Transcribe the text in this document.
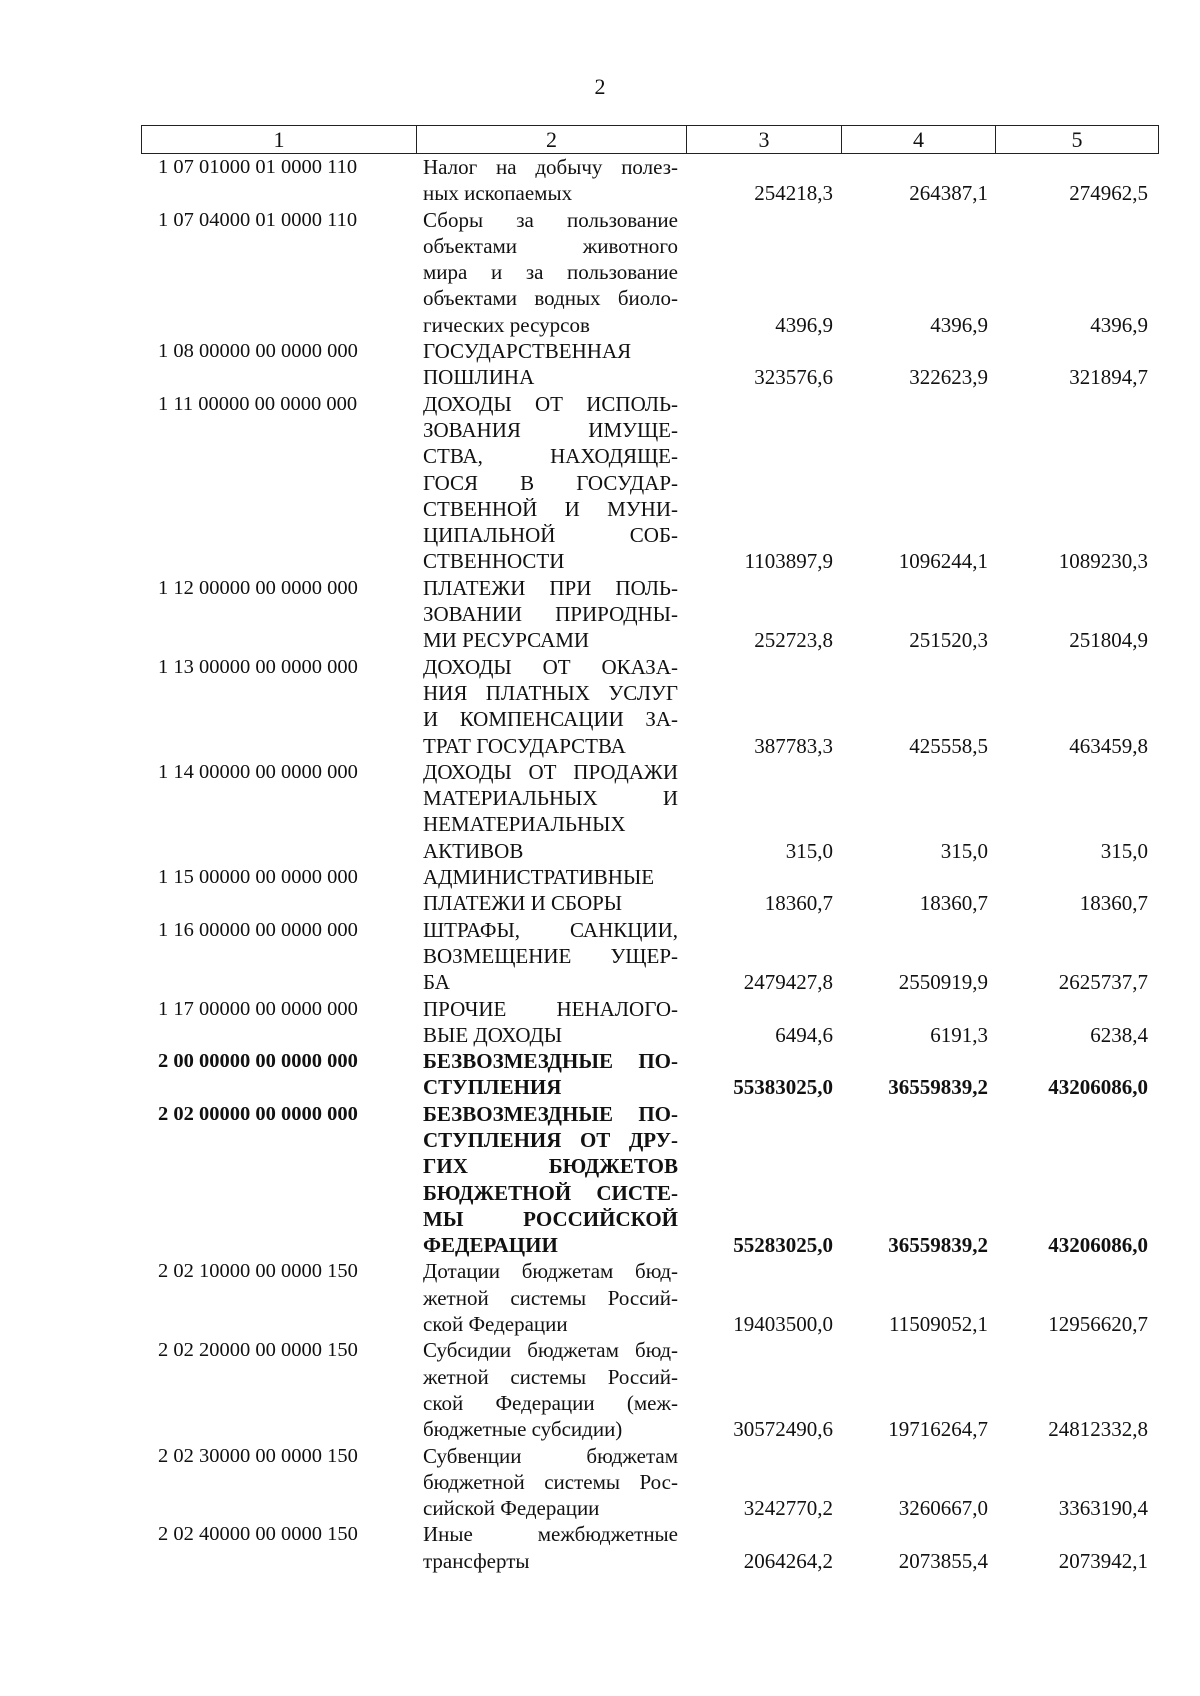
2
1	2	3	4	5
1 07 01000 01 0000 110	Налог на добычу полез-
ных ископаемых	254218,3	264387,1	274962,5
1 07 04000 01 0000 110	Сборы за пользование
объектами животного
мира и за пользование
объектами водных биоло-
гических ресурсов	4396,9	4396,9	4396,9
1 08 00000 00 0000 000	ГОСУДАРСТВЕННАЯ
ПОШЛИНА	323576,6	322623,9	321894,7
1 11 00000 00 0000 000	ДОХОДЫ ОТ ИСПОЛЬ-
ЗОВАНИЯ ИМУЩЕ-
СТВА, НАХОДЯЩЕ-
ГОСЯ В ГОСУДАР-
СТВЕННОЙ И МУНИ-
ЦИПАЛЬНОЙ СОБ-
СТВЕННОСТИ	1103897,9	1096244,1	1089230,3
1 12 00000 00 0000 000	ПЛАТЕЖИ ПРИ ПОЛЬ-
ЗОВАНИИ ПРИРОДНЫ-
МИ РЕСУРСАМИ	252723,8	251520,3	251804,9
1 13 00000 00 0000 000	ДОХОДЫ ОТ ОКАЗА-
НИЯ ПЛАТНЫХ УСЛУГ
И КОМПЕНСАЦИИ ЗА-
ТРАТ ГОСУДАРСТВА	387783,3	425558,5	463459,8
1 14 00000 00 0000 000	ДОХОДЫ ОТ ПРОДАЖИ
МАТЕРИАЛЬНЫХ И
НЕМАТЕРИАЛЬНЫХ
АКТИВОВ	315,0	315,0	315,0
1 15 00000 00 0000 000	АДМИНИСТРАТИВНЫЕ
ПЛАТЕЖИ И СБОРЫ	18360,7	18360,7	18360,7
1 16 00000 00 0000 000	ШТРАФЫ, САНКЦИИ,
ВОЗМЕЩЕНИЕ УЩЕР-
БА	2479427,8	2550919,9	2625737,7
1 17 00000 00 0000 000	ПРОЧИЕ НЕНАЛОГО-
ВЫЕ ДОХОДЫ	6494,6	6191,3	6238,4
2 00 00000 00 0000 000	БЕЗВОЗМЕЗДНЫЕ ПО-
СТУПЛЕНИЯ	55383025,0	36559839,2	43206086,0
2 02 00000 00 0000 000	БЕЗВОЗМЕЗДНЫЕ ПО-
СТУПЛЕНИЯ ОТ ДРУ-
ГИХ БЮДЖЕТОВ
БЮДЖЕТНОЙ СИСТЕ-
МЫ РОССИЙСКОЙ
ФЕДЕРАЦИИ	55283025,0	36559839,2	43206086,0
2 02 10000 00 0000 150	Дотации бюджетам бюд-
жетной системы Россий-
ской Федерации	19403500,0	11509052,1	12956620,7
2 02 20000 00 0000 150	Субсидии бюджетам бюд-
жетной системы Россий-
ской Федерации (меж-
бюджетные субсидии)	30572490,6	19716264,7	24812332,8
2 02 30000 00 0000 150	Субвенции бюджетам
бюджетной системы Рос-
сийской Федерации	3242770,2	3260667,0	3363190,4
2 02 40000 00 0000 150	Иные межбюджетные
трансферты	2064264,2	2073855,4	2073942,1
